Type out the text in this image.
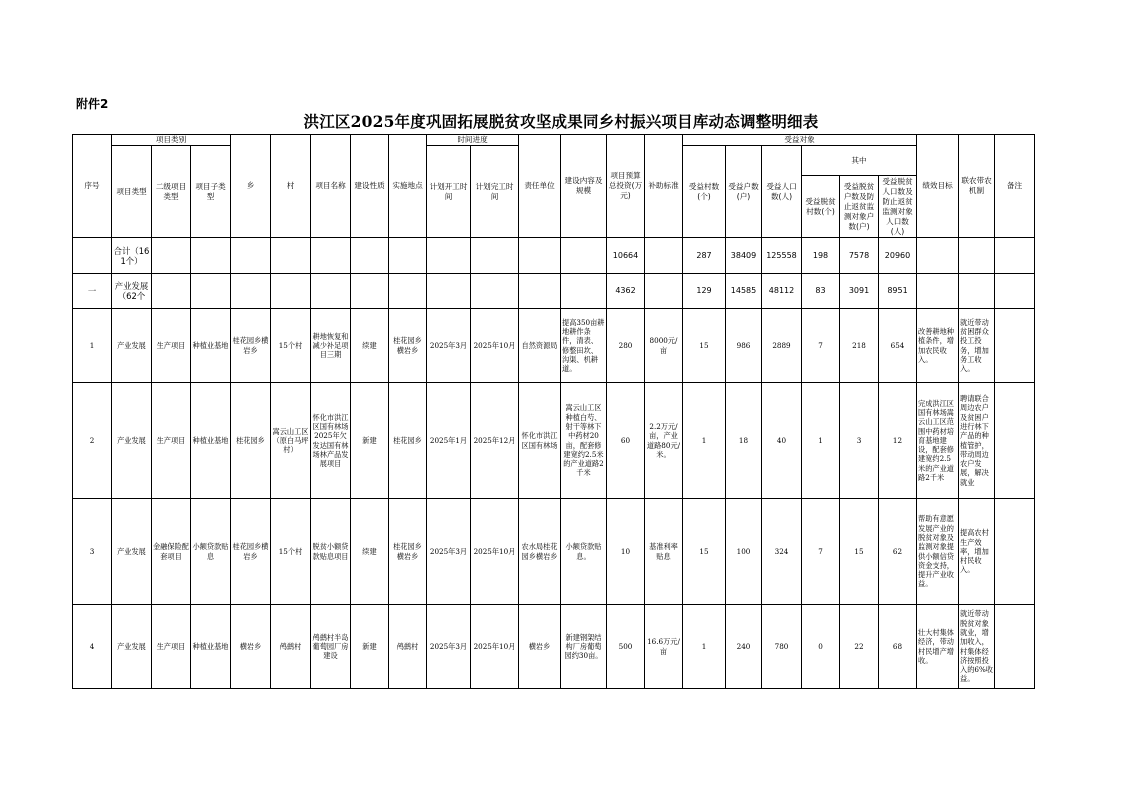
附件2
洪江区2025年度巩固拓展脱贫攻坚成果同乡村振兴项目库动态调整明细表
序号	项目类别			乡	村	项目名称	建设性质	实施地点	时间进度		责任单位	建设内容及规模	项目预算总投资(万元)	补助标准	受益对象						绩效目标	联农带农机制	备注
	项目类型	二级项目类型	项目子类型						计划开工时间	计划完工时间					受益村数(个)	受益户数(户)	受益人口数(人)	其中					
																		受益脱贫村数(个)	受益脱贫户数及防止返贫监测对象户数(户)	受益脱贫人口数及防止返贫监测对象人口数(人)			
	合计（161个）												10664		287	38409	125558	198	7578	20960			
一	产业发展（62个												4362		129	14585	48112	83	3091	8951			
1	产业发展	生产项目	种植业基地	桂花园乡横岩乡	15个村	耕地恢复和减少补足项目三期	续建	桂花园乡横岩乡	2025年3月	2025年10月	自然资源局	提高350亩耕地耕作条件，清表、修整田坎、沟渠、机耕道。	280	8000元/亩	15	986	2889	7	218	654	改善耕地种植条件，增加农民收入。	就近带动贫困群众投工投务，增加务工收入。	
2	产业发展	生产项目	种植业基地	桂花园乡	嵩云山工区（原白马坪村）	怀化市洪江区国有林场2025年欠发达国有林场林产品发展项目	新建	桂花园乡	2025年1月	2025年12月	怀化市洪江区国有林场	嵩云山工区种植白芍、射干等林下中药材20亩，配套修建宽约2.5米的产业道路2千米	60	2.2万元/亩，产业道路80元/米。	1	18	40	1	3	12	完成洪江区国有林场嵩云山工区范围中药材培育基地建设，配套修建宽约2.5米的产业道路2千米	聘请联合周边农户及贫困户进行林下产品的种植管护，带动周边农户发展，解决就业	
3	产业发展	金融保险配套项目	小额贷款贴息	桂花园乡横岩乡	15个村	脱贫小额贷款贴息项目	续建	桂花园乡横岩乡	2025年3月	2025年10月	农水局桂花园乡横岩乡	小额贷款贴息。	10	基准利率贴息	15	100	324	7	15	62	帮助有意愿发展产业的脱贫对象及监测对象提供小额信贷资金支持，提升产业收益。	提高农村生产效率，增加村民收入。	
4	产业发展	生产项目	种植业基地	横岩乡	鸬鹚村	鸬鹚村半岛葡萄园厂房建设	新建	鸬鹚村	2025年3月	2025年10月	横岩乡	新建钢架结构厂房葡萄园约30亩。	500	16.6万元/亩	1	240	780	0	22	68	壮大村集体经济，带动村民增产增收。	就近带动脱贫对象就业，增加收入，村集体经济按照投入的6%收益。	
